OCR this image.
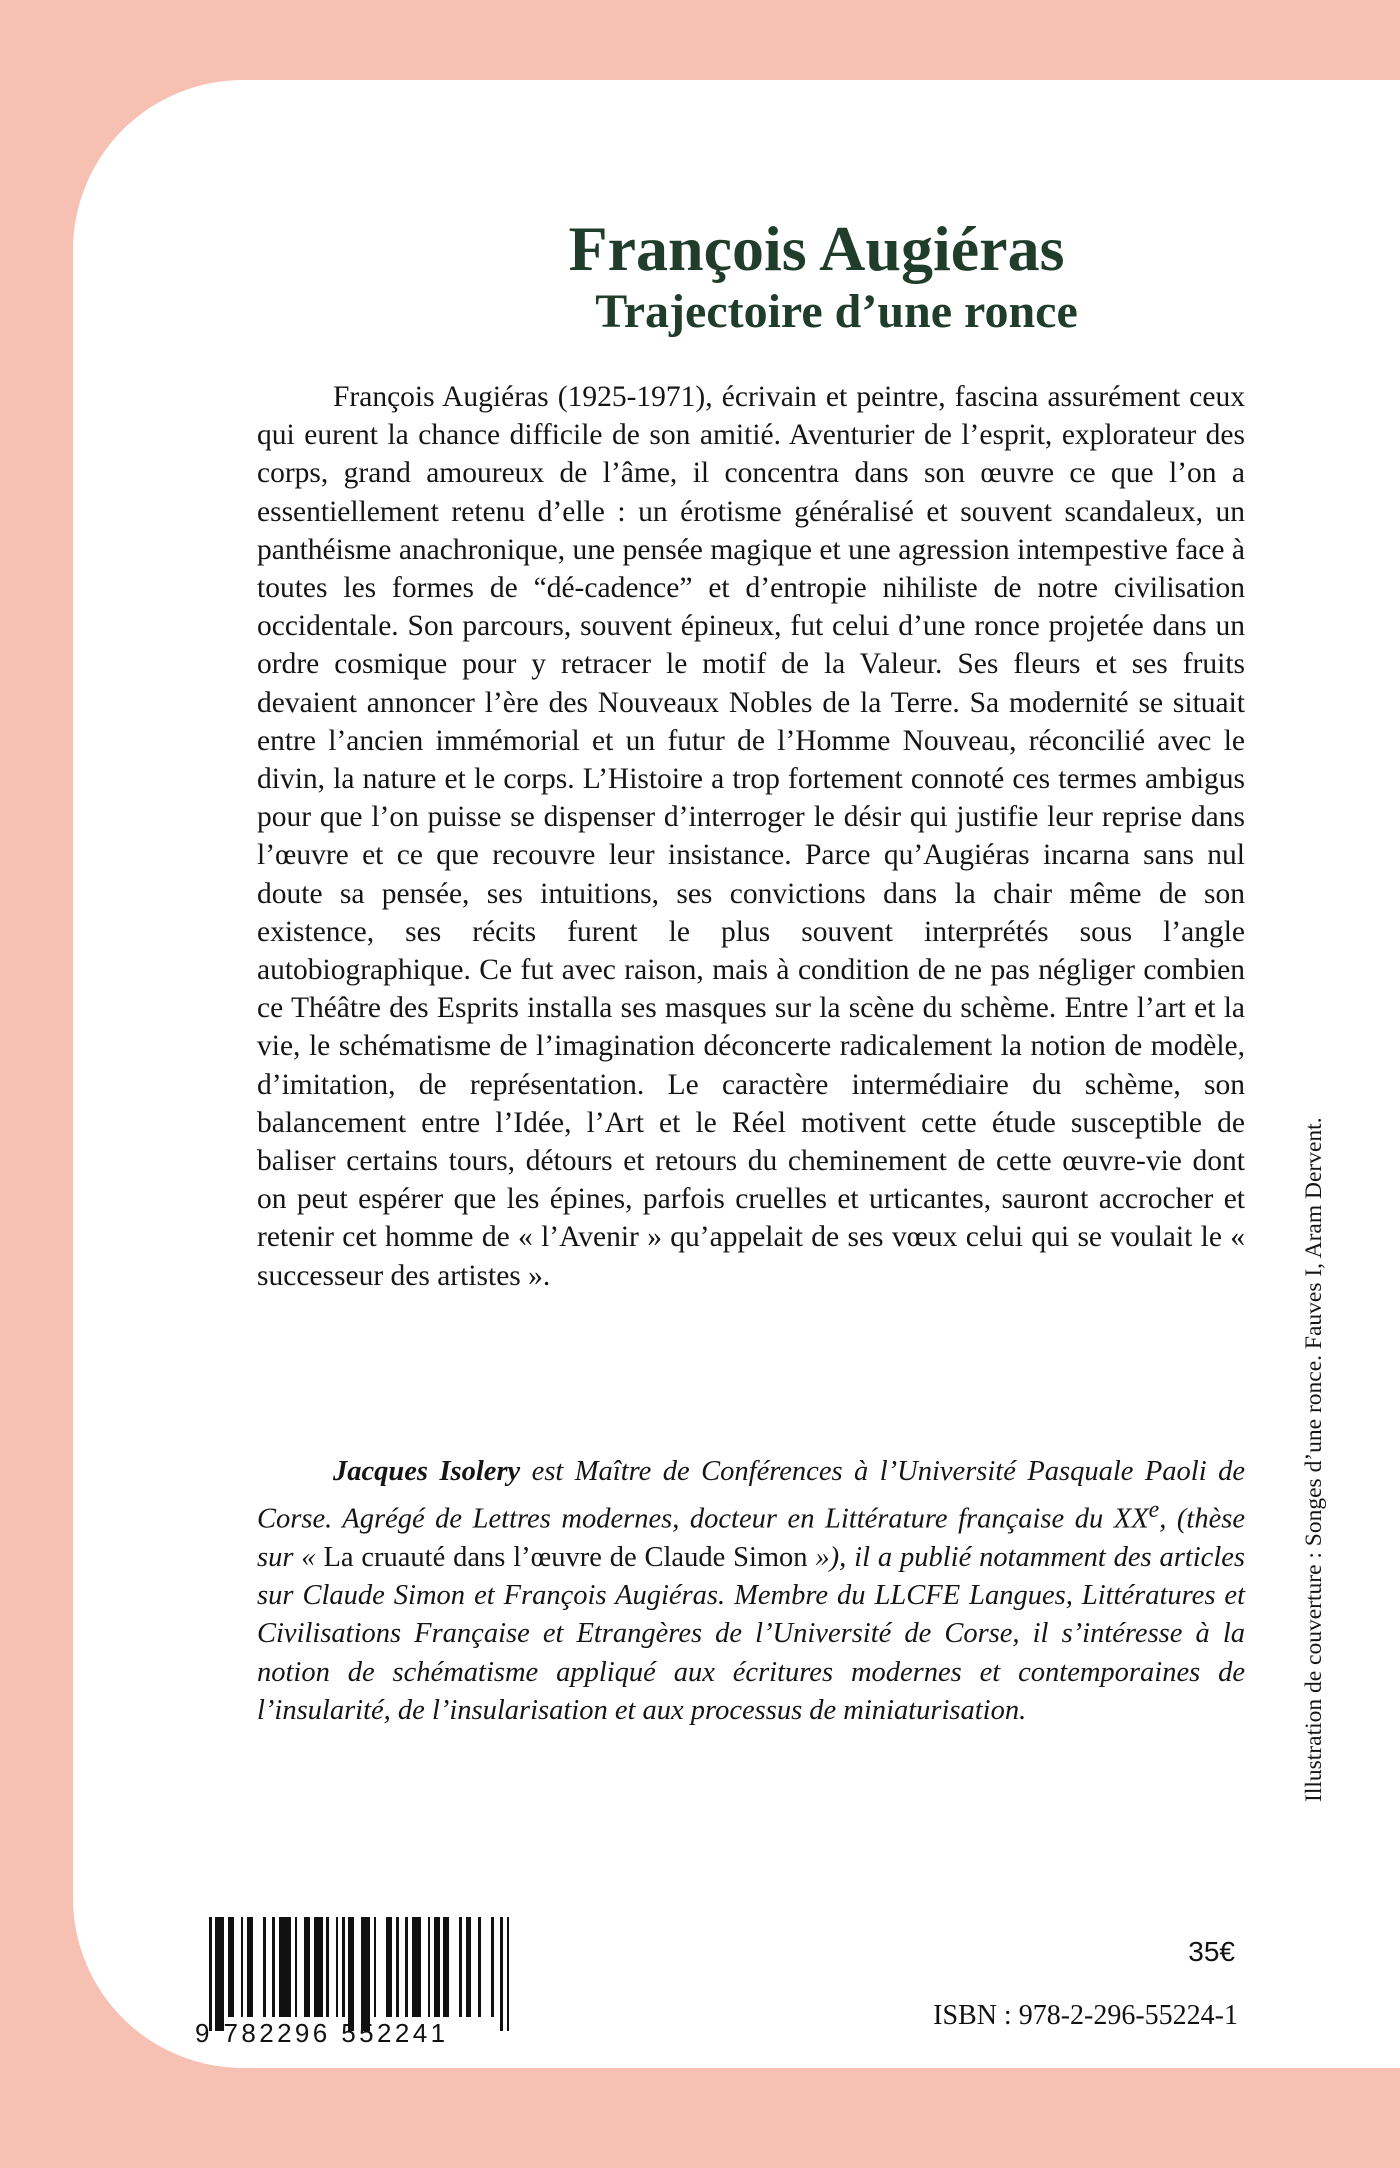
François Augiéras
Trajectoire d’une ronce

François Augiéras (1925-1971), écrivain et peintre, fascina assurément ceux qui eurent la chance difficile de son amitié. Aventurier de l’esprit, explorateur des corps, grand amoureux de l’âme, il concentra dans son œuvre ce que l’on a essentiellement retenu d’elle : un érotisme généralisé et souvent scandaleux, un panthéisme anachronique, une pensée magique et une agression intempestive face à toutes les formes de “dé-cadence” et d’entropie nihiliste de notre civilisation occidentale. Son parcours, souvent épineux, fut celui d’une ronce projetée dans un ordre cosmique pour y retracer le motif de la Valeur. Ses fleurs et ses fruits devaient annoncer l’ère des Nouveaux Nobles de la Terre. Sa modernité se situait entre l’ancien immémorial et un futur de l’Homme Nouveau, réconcilié avec le divin, la nature et le corps. L’Histoire a trop fortement connoté ces termes ambigus pour que l’on puisse se dispenser d’interroger le désir qui justifie leur reprise dans l’œuvre et ce que recouvre leur insistance. Parce qu’Augiéras incarna sans nul doute sa pensée, ses intuitions, ses convictions dans la chair même de son existence, ses récits furent le plus souvent interprétés sous l’angle autobiographique. Ce fut avec raison, mais à condition de ne pas négliger combien ce Théâtre des Esprits installa ses masques sur la scène du schème. Entre l’art et la vie, le schématisme de l’imagination déconcerte radicalement la notion de modèle, d’imitation, de représentation. Le caractère intermédiaire du schème, son balancement entre l’Idée, l’Art et le Réel motivent cette étude susceptible de baliser certains tours, détours et retours du cheminement de cette œuvre-vie dont on peut espérer que les épines, parfois cruelles et urticantes, sauront accrocher et retenir cet homme de « l’Avenir » qu’appelait de ses vœux celui qui se voulait le « successeur des artistes ».

Jacques Isolery est Maître de Conférences à l’Université Pasquale Paoli de Corse. Agrégé de Lettres modernes, docteur en Littérature française du XXe, (thèse sur « La cruauté dans l’œuvre de Claude Simon »), il a publié notamment des articles sur Claude Simon et François Augiéras. Membre du LLCFE Langues, Littératures et Civilisations Française et Etrangères de l’Université de Corse, il s’intéresse à la notion de schématisme appliqué aux écritures modernes et contemporaines de l’insularité, de l’insularisation et aux processus de miniaturisation.	Illustration de couverture : Songes d’une ronce. Fauves I, Aram Dervent.
9 782296 552241
35€
ISBN : 978-2-296-55224-1
